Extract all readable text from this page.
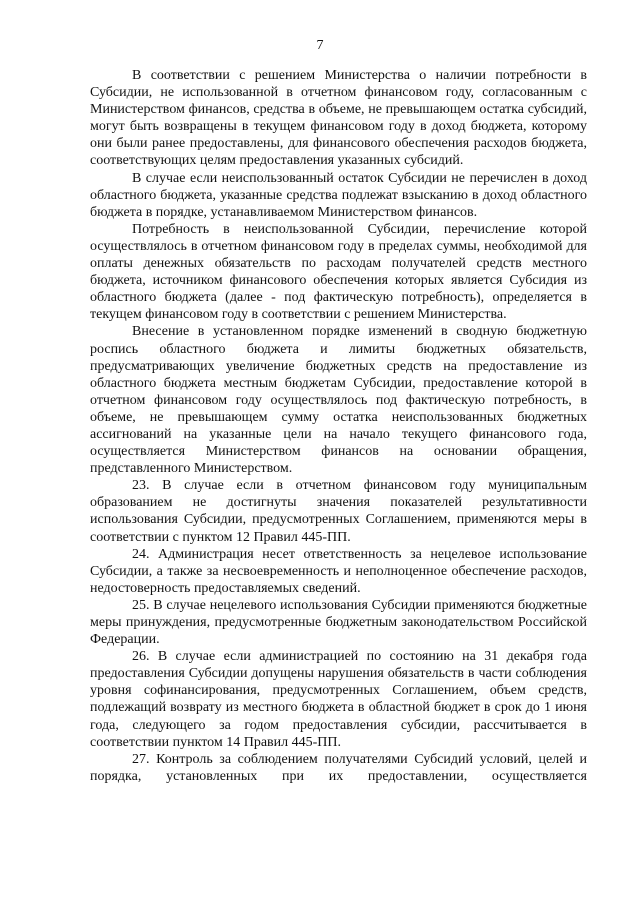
7

В соответствии с решением Министерства о наличии потребности в Субсидии, не использованной в отчетном финансовом году, согласованным с Министерством финансов, средства в объеме, не превышающем остатка субсидий, могут быть возвращены в текущем финансовом году в доход бюджета, которому они были ранее предоставлены, для финансового обеспечения расходов бюджета, соответствующих целям предоставления указанных субсидий.

В случае если неиспользованный остаток Субсидии не перечислен в доход областного бюджета, указанные средства подлежат взысканию в доход областного бюджета в порядке, устанавливаемом Министерством финансов.

Потребность в неиспользованной Субсидии, перечисление которой осуществлялось в отчетном финансовом году в пределах суммы, необходимой для оплаты денежных обязательств по расходам получателей средств местного бюджета, источником финансового обеспечения которых является Субсидия из областного бюджета (далее - под фактическую потребность), определяется в текущем финансовом году в соответствии с решением Министерства.

Внесение в установленном порядке изменений в сводную бюджетную роспись областного бюджета и лимиты бюджетных обязательств, предусматривающих увеличение бюджетных средств на предоставление из областного бюджета местным бюджетам Субсидии, предоставление которой в отчетном финансовом году осуществлялось под фактическую потребность, в объеме, не превышающем сумму остатка неиспользованных бюджетных ассигнований на указанные цели на начало текущего финансового года, осуществляется Министерством финансов на основании обращения, представленного Министерством.

23. В случае если в отчетном финансовом году муниципальным образованием не достигнуты значения показателей результативности использования Субсидии, предусмотренных Соглашением, применяются меры в соответствии с пунктом 12 Правил 445-ПП.

24. Администрация несет ответственность за нецелевое использование Субсидии, а также за несвоевременность и неполноценное обеспечение расходов, недостоверность предоставляемых сведений.

25. В случае нецелевого использования Субсидии применяются бюджетные меры принуждения, предусмотренные бюджетным законодательством Российской Федерации.

26. В случае если администрацией по состоянию на 31 декабря года предоставления Субсидии допущены нарушения обязательств в части соблюдения уровня софинансирования, предусмотренных Соглашением, объем средств, подлежащий возврату из местного бюджета в областной бюджет в срок до 1 июня года, следующего за годом предоставления субсидии, рассчитывается в соответствии пунктом 14 Правил 445-ПП.

27. Контроль за соблюдением получателями Субсидий условий, целей и порядка, установленных при их предоставлении, осуществляется
